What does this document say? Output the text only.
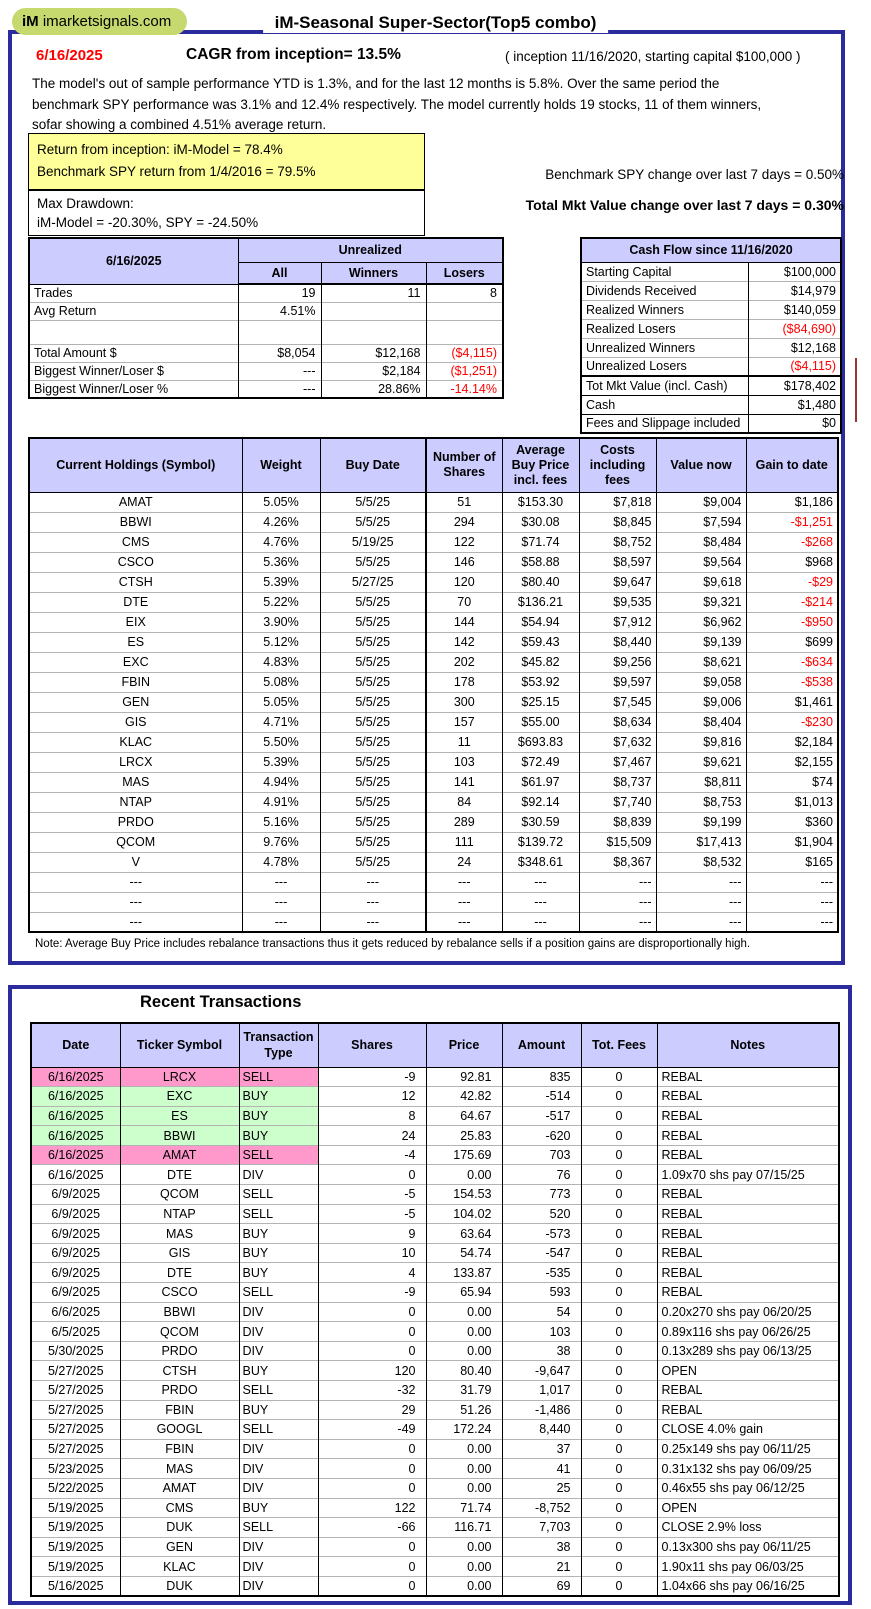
iM imarketsignals.com	iM-Seasonal Super-Sector(Top5 combo)
6/16/2025	CAGR from inception= 13.5%	( inception 11/16/2020, starting capital $100,000 )
The model's out of sample performance YTD is 1.3%, and for the last 12 months is 5.8%. Over the same period the
benchmark SPY performance was 3.1% and 12.4% respectively. The model currently holds 19 stocks, 11 of them winners,
sofar showing a combined 4.51% average return.
Return from inception: iM-Model = 78.4%
Benchmark SPY return from 1/4/2016 = 79.5%
Max Drawdown:
iM-Model = -20.30%, SPY = -24.50%
Benchmark SPY change over last 7 days = 0.50%
Total Mkt Value change over last 7 days = 0.30%
6/16/2025	Unrealized		
	All	Winners	Losers
Trades	19	11	8
Avg Return	4.51%		

Total Amount $	$8,054	$12,168	($4,115)
Biggest Winner/Loser $	---	$2,184	($1,251)
Biggest Winner/Loser %	---	28.86%	-14.14%
Cash Flow since 11/16/2020	
Starting Capital	$100,000
Dividends Received	$14,979
Realized Winners	$140,059
Realized Losers	($84,690)
Unrealized Winners	$12,168
Unrealized Losers	($4,115)
Tot Mkt Value (incl. Cash)	$178,402
Cash	$1,480
Fees and Slippage included	$0
Current Holdings (Symbol)	Weight	Buy Date	Number of Shares	Average Buy Price incl. fees	Costs including fees	Value now	Gain to date
AMAT	5.05%	5/5/25	51	$153.30	$7,818	$9,004	$1,186
BBWI	4.26%	5/5/25	294	$30.08	$8,845	$7,594	-$1,251
CMS	4.76%	5/19/25	122	$71.74	$8,752	$8,484	-$268
CSCO	5.36%	5/5/25	146	$58.88	$8,597	$9,564	$968
CTSH	5.39%	5/27/25	120	$80.40	$9,647	$9,618	-$29
DTE	5.22%	5/5/25	70	$136.21	$9,535	$9,321	-$214
EIX	3.90%	5/5/25	144	$54.94	$7,912	$6,962	-$950
ES	5.12%	5/5/25	142	$59.43	$8,440	$9,139	$699
EXC	4.83%	5/5/25	202	$45.82	$9,256	$8,621	-$634
FBIN	5.08%	5/5/25	178	$53.92	$9,597	$9,058	-$538
GEN	5.05%	5/5/25	300	$25.15	$7,545	$9,006	$1,461
GIS	4.71%	5/5/25	157	$55.00	$8,634	$8,404	-$230
KLAC	5.50%	5/5/25	11	$693.83	$7,632	$9,816	$2,184
LRCX	5.39%	5/5/25	103	$72.49	$7,467	$9,621	$2,155
MAS	4.94%	5/5/25	141	$61.97	$8,737	$8,811	$74
NTAP	4.91%	5/5/25	84	$92.14	$7,740	$8,753	$1,013
PRDO	5.16%	5/5/25	289	$30.59	$8,839	$9,199	$360
QCOM	9.76%	5/5/25	111	$139.72	$15,509	$17,413	$1,904
V	4.78%	5/5/25	24	$348.61	$8,367	$8,532	$165
---	---	---	---	---	---	---	---
---	---	---	---	---	---	---	---
---	---	---	---	---	---	---	---
Note: Average Buy Price includes rebalance transactions thus it gets reduced by rebalance sells if a position gains are disproportionally high.
Recent Transactions
Date	Ticker Symbol	Transaction Type	Shares	Price	Amount	Tot. Fees	Notes
6/16/2025	LRCX	SELL	-9	92.81	835	0	REBAL
6/16/2025	EXC	BUY	12	42.82	-514	0	REBAL
6/16/2025	ES	BUY	8	64.67	-517	0	REBAL
6/16/2025	BBWI	BUY	24	25.83	-620	0	REBAL
6/16/2025	AMAT	SELL	-4	175.69	703	0	REBAL
6/16/2025	DTE	DIV	0	0.00	76	0	1.09x70 shs pay 07/15/25
6/9/2025	QCOM	SELL	-5	154.53	773	0	REBAL
6/9/2025	NTAP	SELL	-5	104.02	520	0	REBAL
6/9/2025	MAS	BUY	9	63.64	-573	0	REBAL
6/9/2025	GIS	BUY	10	54.74	-547	0	REBAL
6/9/2025	DTE	BUY	4	133.87	-535	0	REBAL
6/9/2025	CSCO	SELL	-9	65.94	593	0	REBAL
6/6/2025	BBWI	DIV	0	0.00	54	0	0.20x270 shs pay 06/20/25
6/5/2025	QCOM	DIV	0	0.00	103	0	0.89x116 shs pay 06/26/25
5/30/2025	PRDO	DIV	0	0.00	38	0	0.13x289 shs pay 06/13/25
5/27/2025	CTSH	BUY	120	80.40	-9,647	0	OPEN
5/27/2025	PRDO	SELL	-32	31.79	1,017	0	REBAL
5/27/2025	FBIN	BUY	29	51.26	-1,486	0	REBAL
5/27/2025	GOOGL	SELL	-49	172.24	8,440	0	CLOSE 4.0% gain
5/27/2025	FBIN	DIV	0	0.00	37	0	0.25x149 shs pay 06/11/25
5/23/2025	MAS	DIV	0	0.00	41	0	0.31x132 shs pay 06/09/25
5/22/2025	AMAT	DIV	0	0.00	25	0	0.46x55 shs pay 06/12/25
5/19/2025	CMS	BUY	122	71.74	-8,752	0	OPEN
5/19/2025	DUK	SELL	-66	116.71	7,703	0	CLOSE 2.9% loss
5/19/2025	GEN	DIV	0	0.00	38	0	0.13x300 shs pay 06/11/25
5/19/2025	KLAC	DIV	0	0.00	21	0	1.90x11 shs pay 06/03/25
5/16/2025	DUK	DIV	0	0.00	69	0	1.04x66 shs pay 06/16/25
